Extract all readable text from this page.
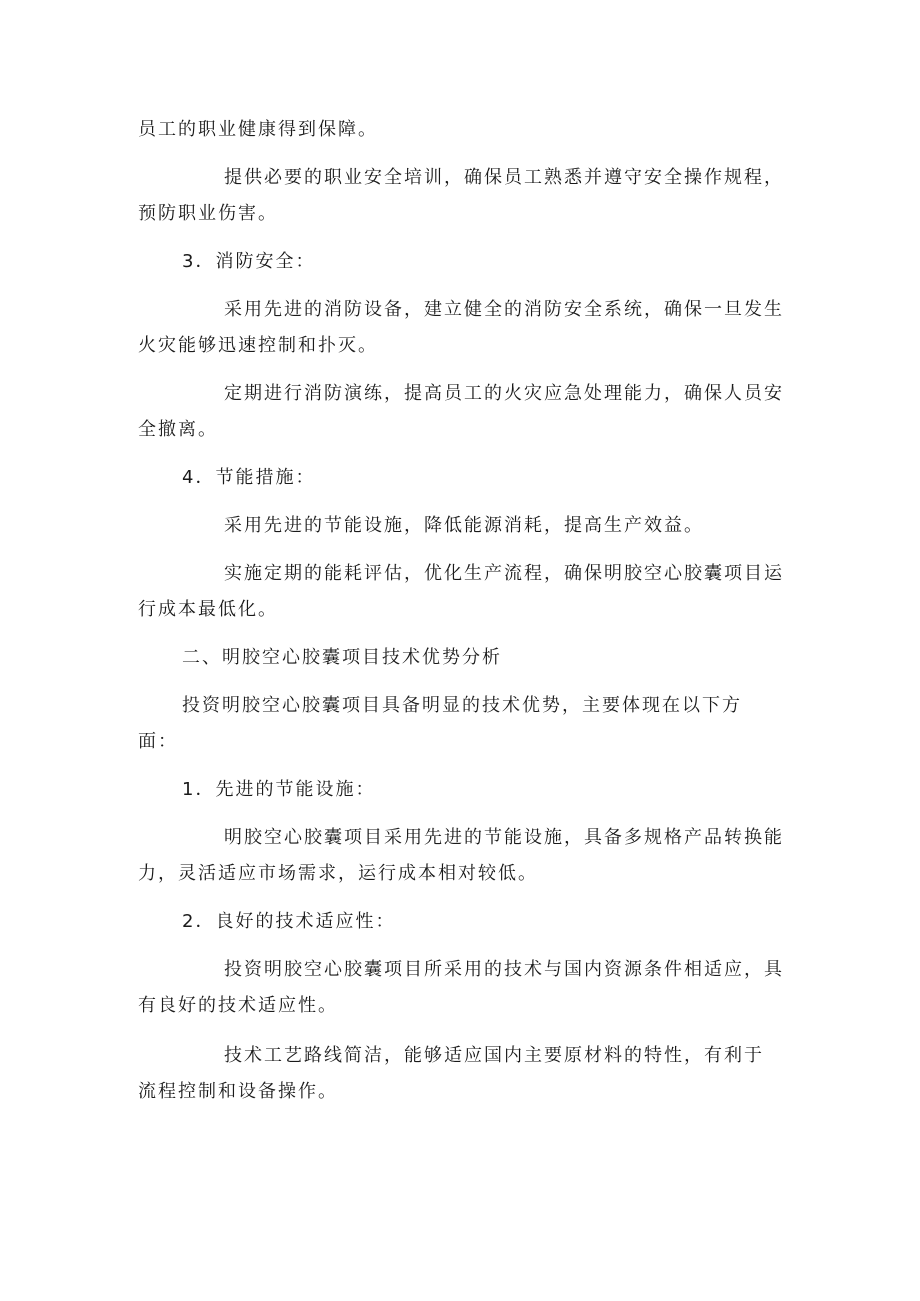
员工的职业健康得到保障。

提供必要的职业安全培训，确保员工熟悉并遵守安全操作规程，预防职业伤害。

3．消防安全：

采用先进的消防设备，建立健全的消防安全系统，确保一旦发生火灾能够迅速控制和扑灭。

定期进行消防演练，提高员工的火灾应急处理能力，确保人员安全撤离。

4．节能措施：

采用先进的节能设施，降低能源消耗，提高生产效益。

实施定期的能耗评估，优化生产流程，确保明胶空心胶囊项目运行成本最低化。

二、明胶空心胶囊项目技术优势分析

投资明胶空心胶囊项目具备明显的技术优势，主要体现在以下方面：

1．先进的节能设施：

明胶空心胶囊项目采用先进的节能设施，具备多规格产品转换能力，灵活适应市场需求，运行成本相对较低。

2．良好的技术适应性：

投资明胶空心胶囊项目所采用的技术与国内资源条件相适应，具有良好的技术适应性。

技术工艺路线简洁，能够适应国内主要原材料的特性，有利于流程控制和设备操作。
